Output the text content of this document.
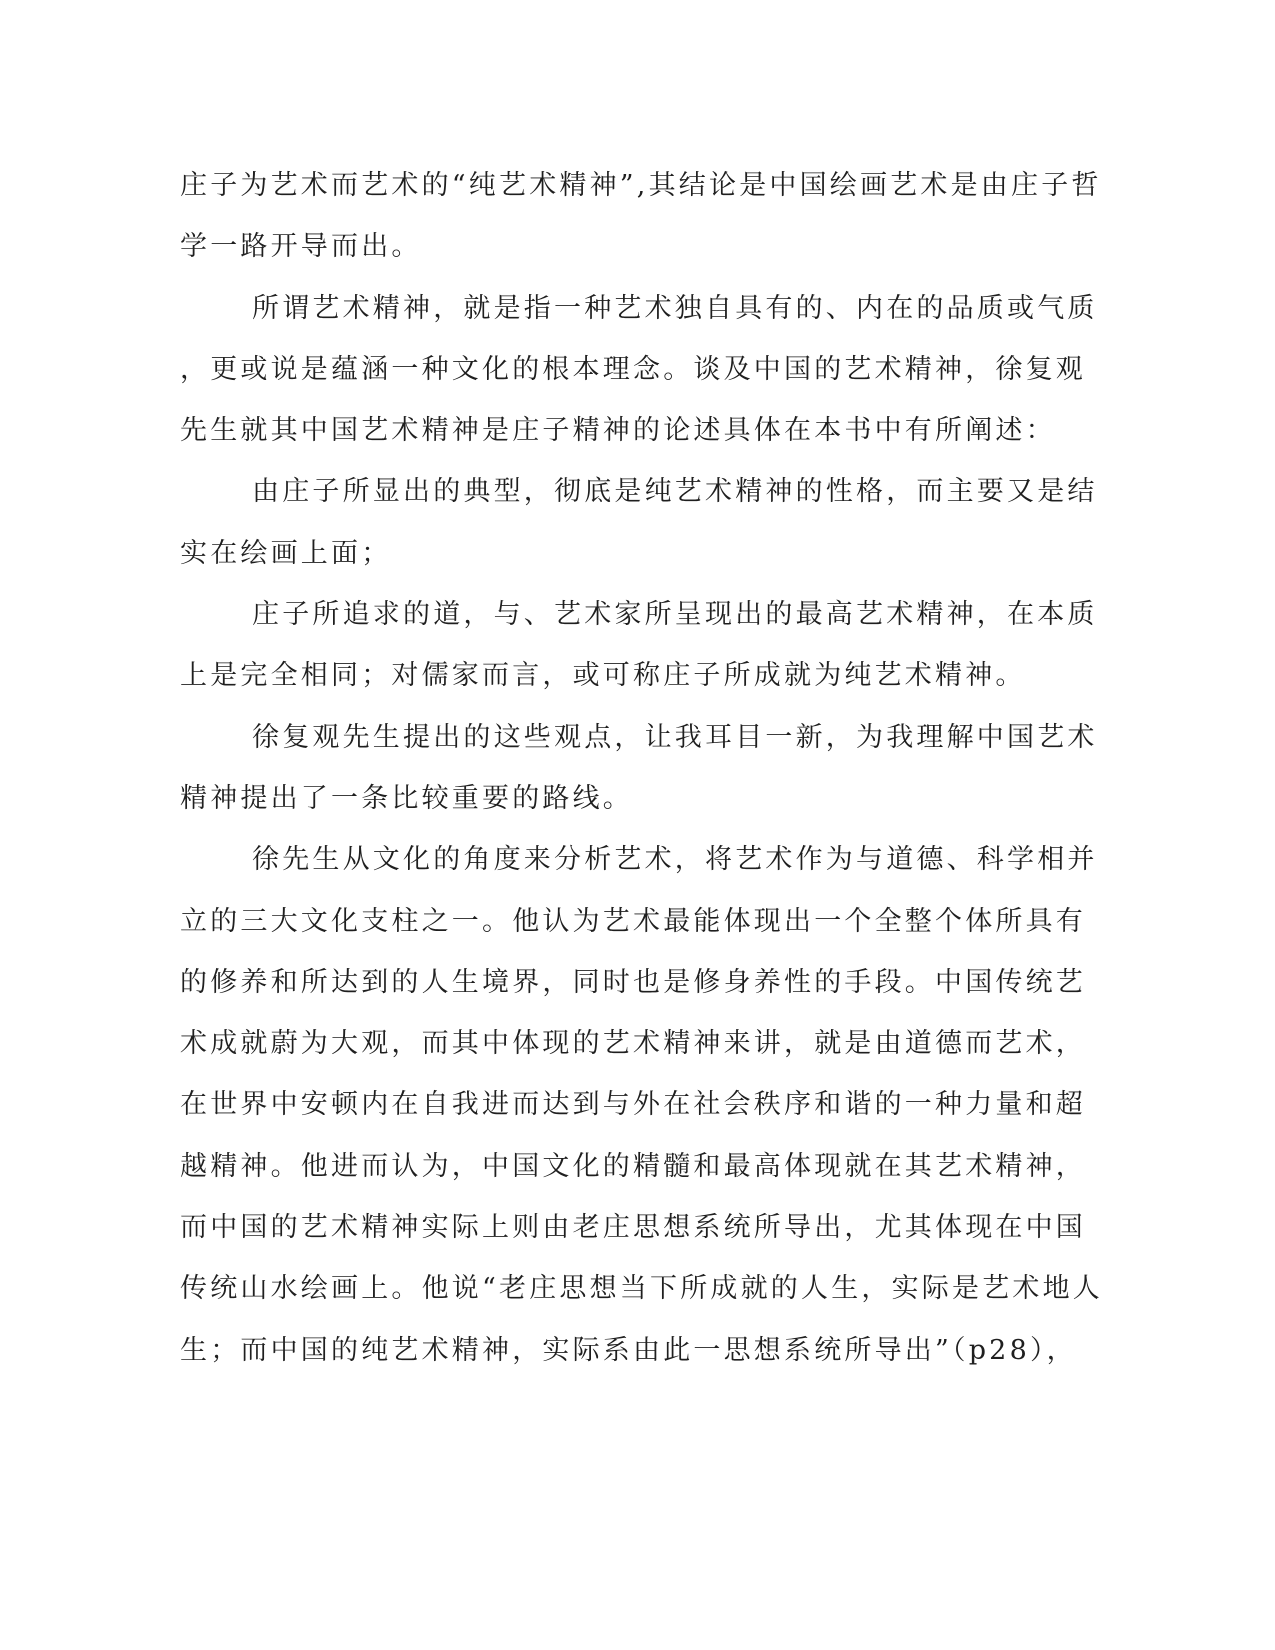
庄子为艺术而艺术的“纯艺术精神”,其结论是中国绘画艺术是由庄子哲
学一路开导而出。
所谓艺术精神，就是指一种艺术独自具有的、内在的品质或气质
，更或说是蕴涵一种文化的根本理念。谈及中国的艺术精神，徐复观
先生就其中国艺术精神是庄子精神的论述具体在本书中有所阐述：
由庄子所显出的典型，彻底是纯艺术精神的性格，而主要又是结
实在绘画上面；
庄子所追求的道，与、艺术家所呈现出的最高艺术精神，在本质
上是完全相同；对儒家而言，或可称庄子所成就为纯艺术精神。
徐复观先生提出的这些观点，让我耳目一新，为我理解中国艺术
精神提出了一条比较重要的路线。
徐先生从文化的角度来分析艺术，将艺术作为与道德、科学相并
立的三大文化支柱之一。他认为艺术最能体现出一个全整个体所具有
的修养和所达到的人生境界，同时也是修身养性的手段。中国传统艺
术成就蔚为大观，而其中体现的艺术精神来讲，就是由道德而艺术，
在世界中安顿内在自我进而达到与外在社会秩序和谐的一种力量和超
越精神。他进而认为，中国文化的精髓和最高体现就在其艺术精神，
而中国的艺术精神实际上则由老庄思想系统所导出，尤其体现在中国
传统山水绘画上。他说“老庄思想当下所成就的人生，实际是艺术地人
生；而中国的纯艺术精神，实际系由此一思想系统所导出”（p28），
